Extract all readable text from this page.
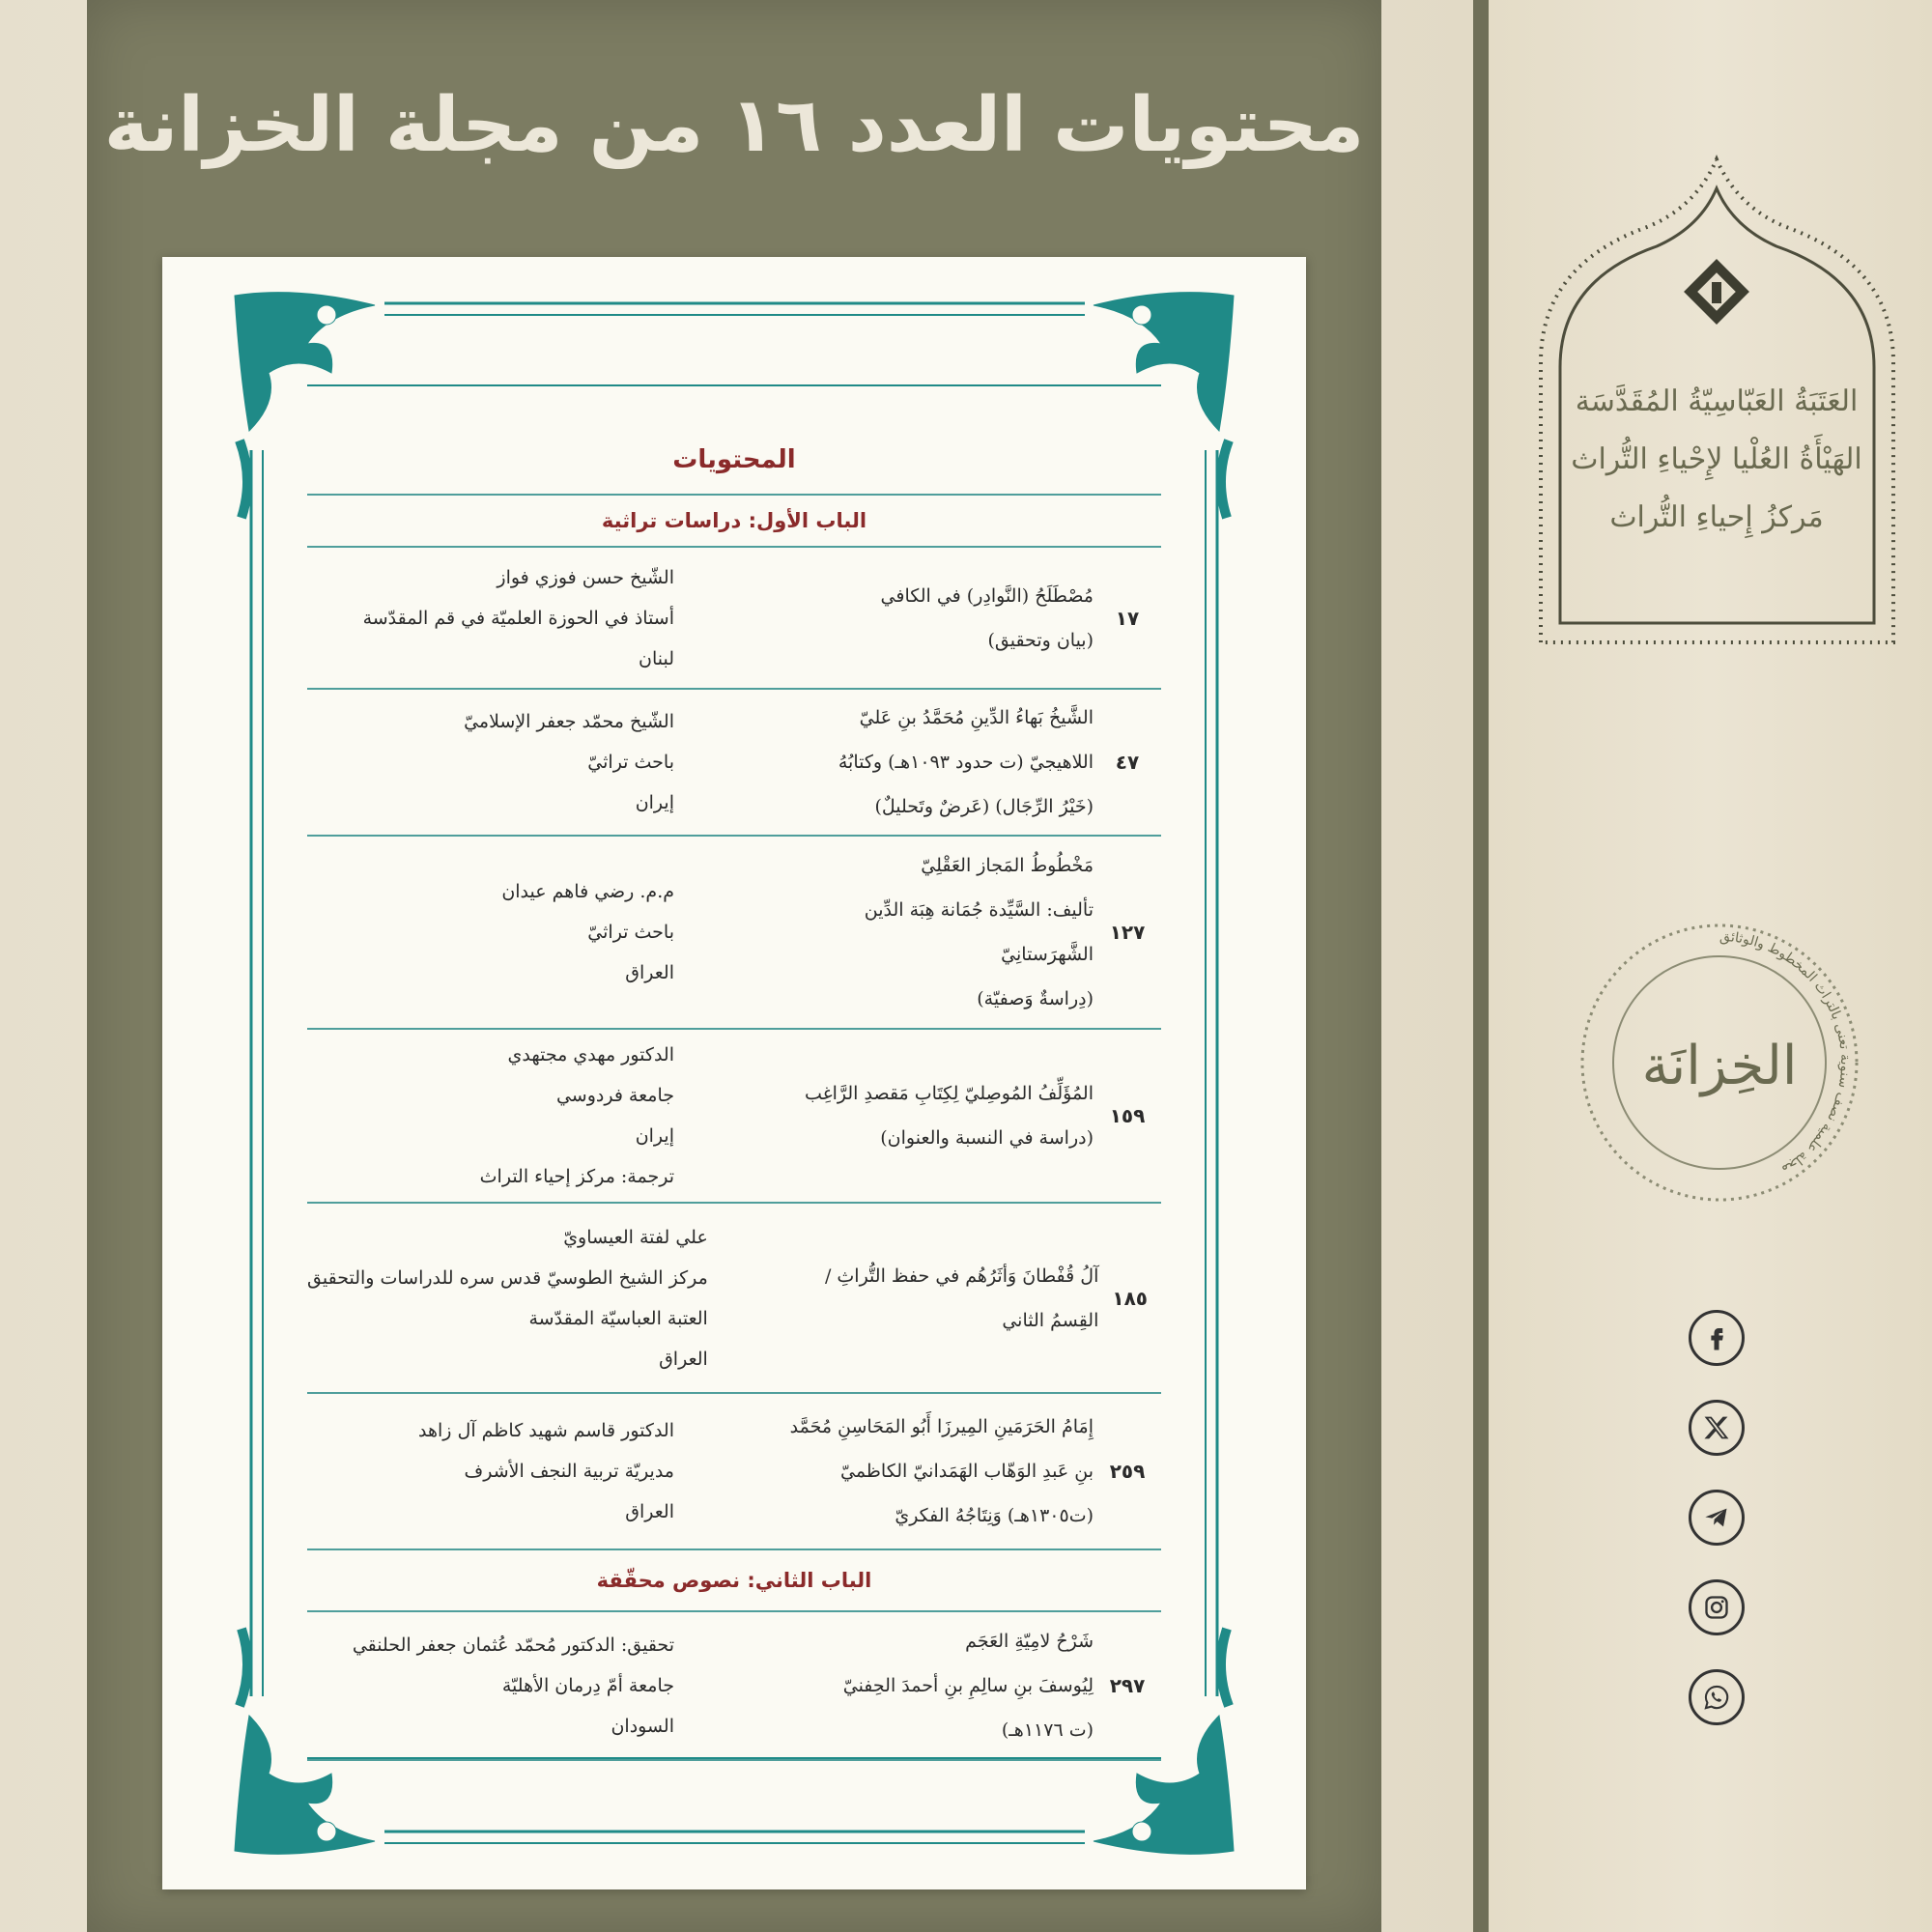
محتويات العدد ١٦ من مجلة الخزانة
المحتويات
الباب الأول: دراسات تراثية
١٧
مُصْطَلَحُ (النَّوادِر) في الكافي
(بيان وتحقيق)
الشّيخ حسن فوزي فواز
أستاذ في الحوزة العلميّة في قم المقدّسة
لبنان
٤٧
الشَّيخُ بَهاءُ الدِّينِ مُحَمَّدُ بنِ عَليّ
اللاهيجيّ (ت حدود ١٠٩٣هـ) وكتابُهُ
(خَيْرُ الرِّجَال) (عَرضٌ وتَحليلٌ)
الشّيخ محمّد جعفر الإسلاميّ
باحث تراثيّ
إيران
١٢٧
مَخْطُوطُ المَجاز العَقْلِيّ
تأليف: السَّيِّدة جُمَانة هِبَة الدِّين
الشَّهرَستانِيّ
(دِراسةٌ وَصفيّة)
م.م. رضي فاهم عيدان
باحث تراثيّ
العراق
١٥٩
المُؤَلِّفُ المُوصِليّ لِكِتَابِ مَقصدِ الرَّاغِب
(دراسة في النسبة والعنوان)
الدكتور مهدي مجتهدي
جامعة فردوسي
إيران
ترجمة: مركز إحياء التراث
١٨٥
آلُ قُفْطانَ وَأثَرُهُم في حفظ التُّراثِ /
القِسمُ الثاني
علي لفتة العيساويّ
مركز الشيخ الطوسيّ قدس سره للدراسات والتحقيق
العتبة العباسيّة المقدّسة
العراق
٢٥٩
إِمَامُ الحَرَمَينِ المِيرزَا أَبُو المَحَاسِنِ مُحَمَّد
بنِ عَبدِ الوَهّاب الهَمَدانيّ الكاظميّ
(ت١٣٠٥هـ) وَنِتَاجُهُ الفكريّ
الدكتور قاسم شهيد كاظم آل زاهد
مديريّة تربية النجف الأشرف
العراق
الباب الثاني: نصوص محقّقة
٢٩٧
شَرْحُ لامِيّةِ العَجَم
لِيُوسفَ بنِ سالِمِ بنِ أحمدَ الحِفنيّ
(ت ١١٧٦هـ)
تحقيق: الدكتور مُحمّد عُثمان جعفر الحلنقي
جامعة أمّ دِرمان الأهليّة
السودان
العَتَبَةُ العَبّاسِيّةُ المُقَدَّسَة
الهَيْأَةُ العُلْيا لإِحْياءِ التُّراث
مَركزُ إِحياءِ التُّراث
مجلة علمية نصف سنوية تعنى بالتراث المخطوط والوثائق
الخِزانَة
